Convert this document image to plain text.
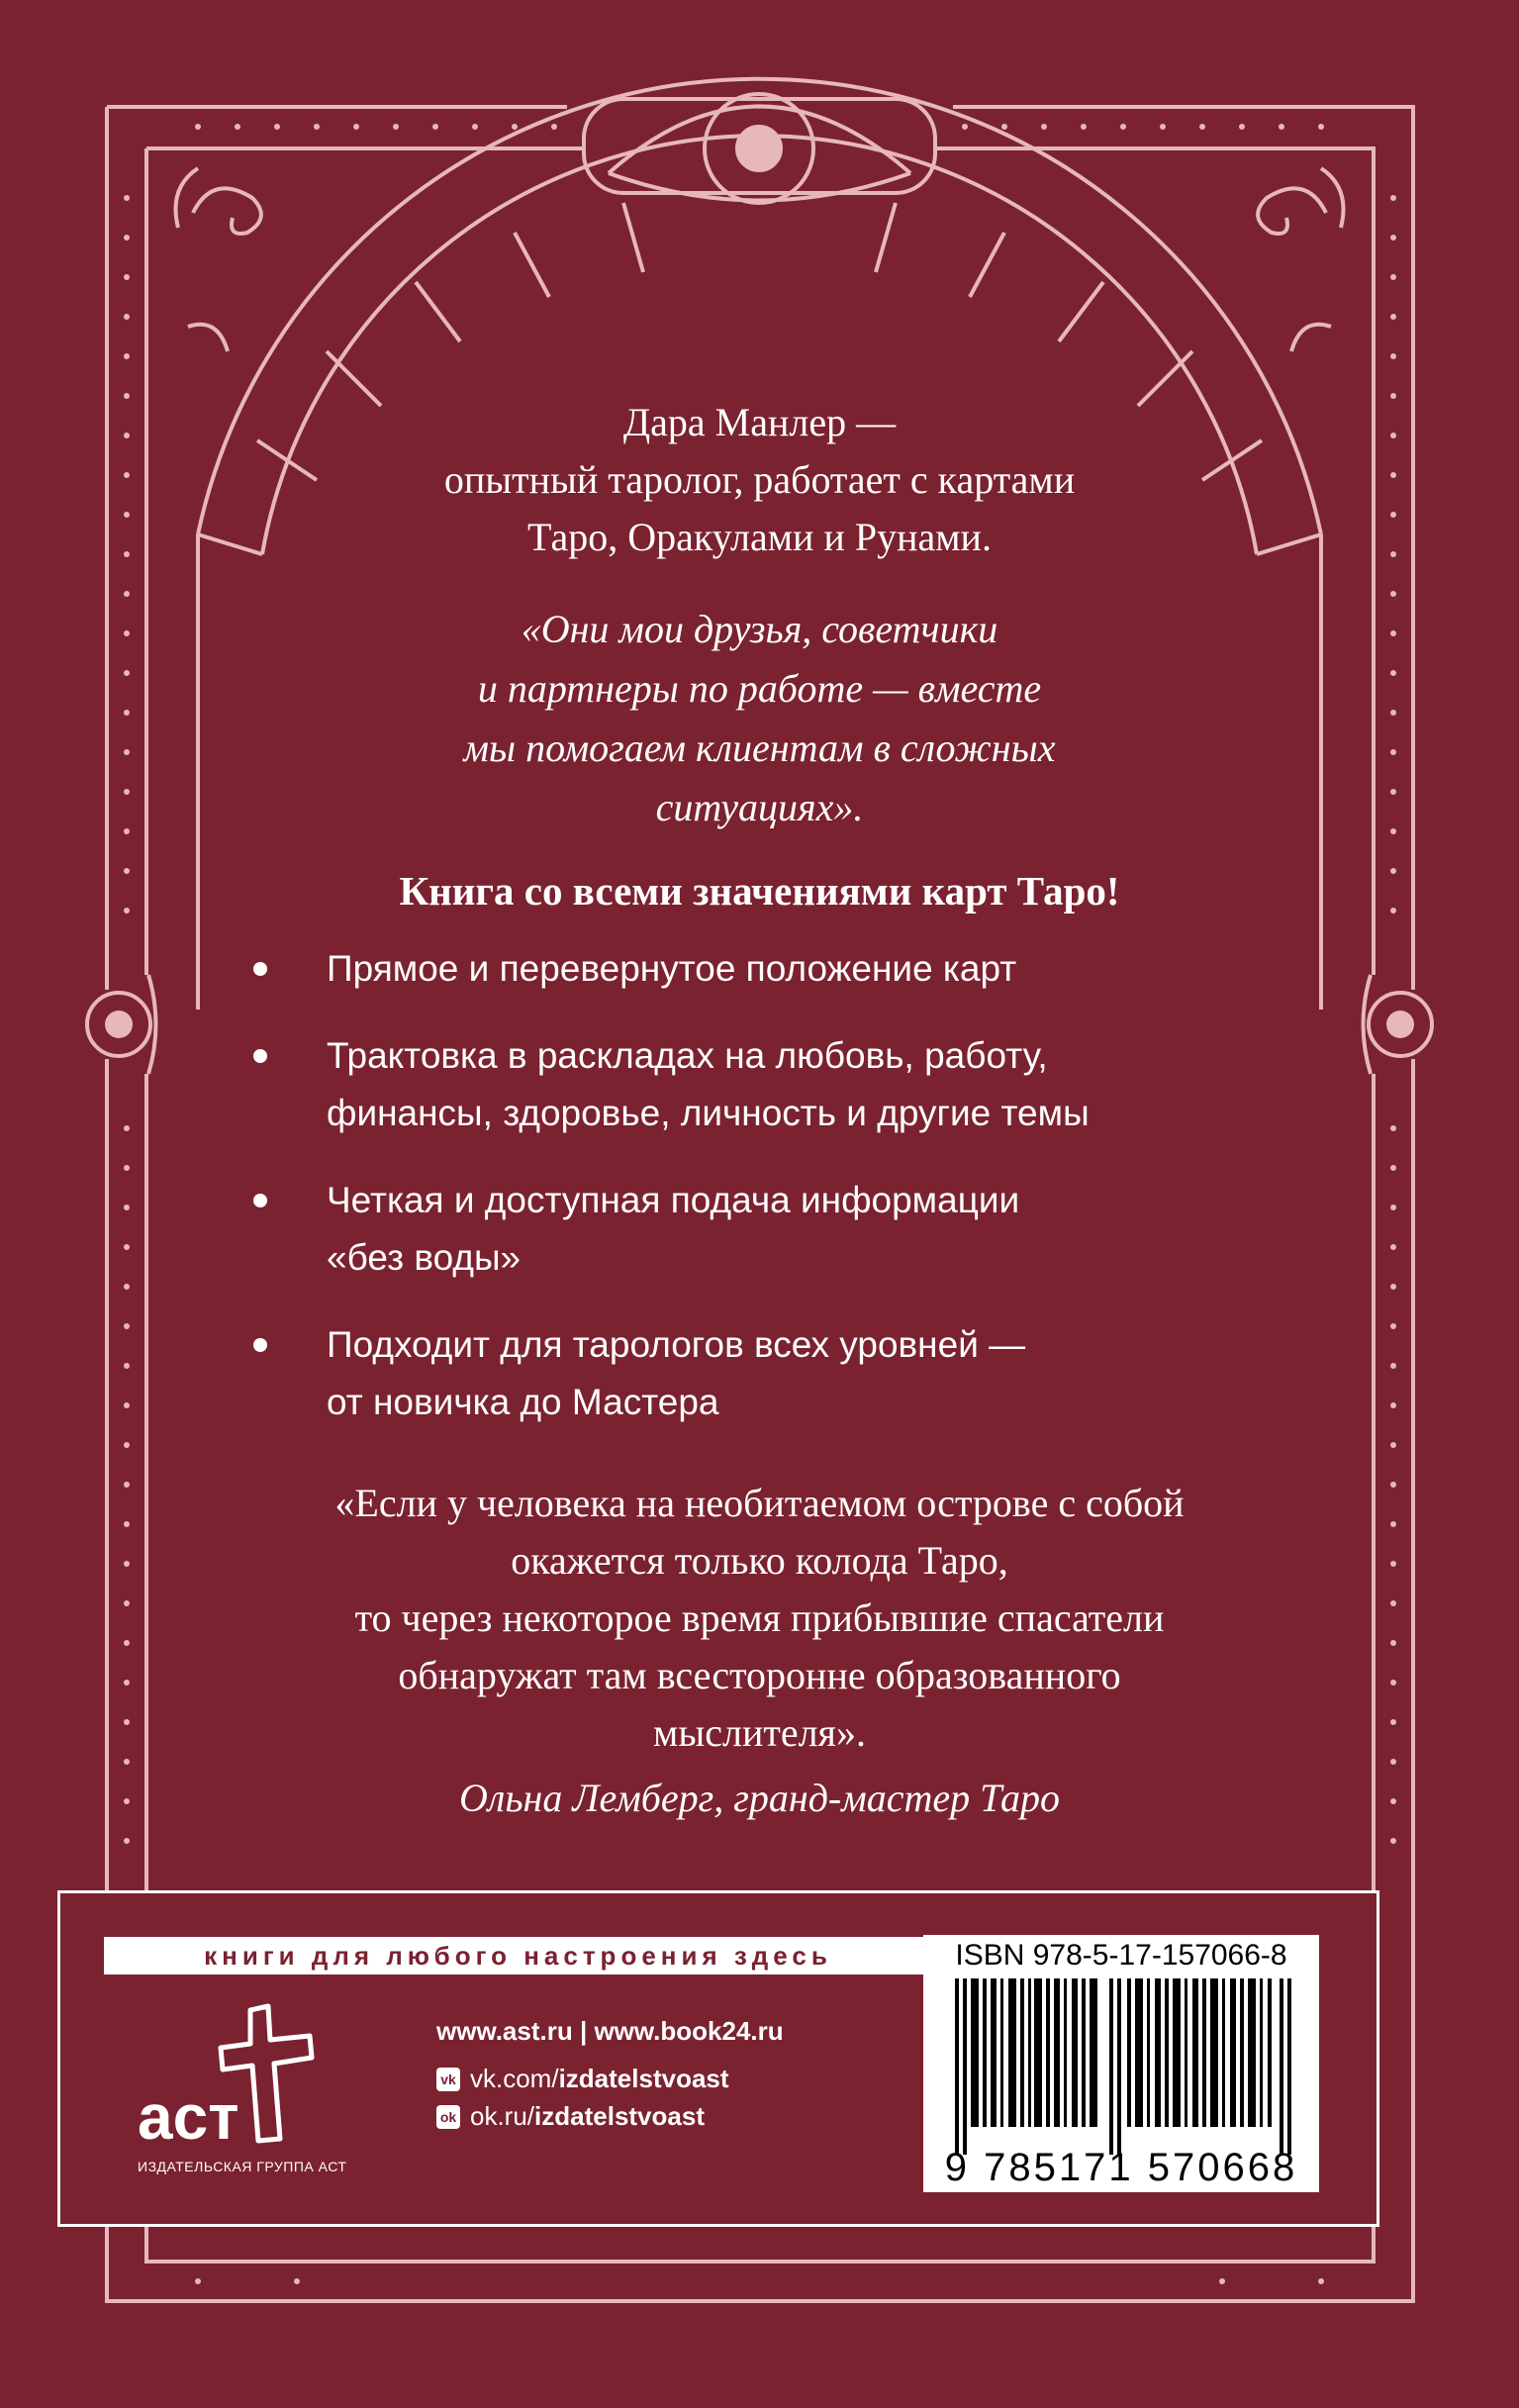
Дара Манлер —
опытный таролог, работает с картами
Таро, Оракулами и Рунами.
«Они мои друзья, советчики
и партнеры по работе — вместе
мы помогаем клиентам в сложных
ситуациях».
Книга со всеми значениями карт Таро!
Прямое и перевернутое положение карт
Трактовка в раскладах на любовь, работу,
финансы, здоровье, личность и другие темы
Четкая и доступная подача информации
«без воды»
Подходит для тарологов всех уровней —
от новичка до Мастера
«Если у человека на необитаемом острове с собой
окажется только колода Таро,
то через некоторое время прибывшие спасатели
обнаружат там всесторонне образованного
мыслителя».
Ольна Лемберг, гранд-мастер Таро
книги для любого настроения здесь
аст
ИЗДАТЕЛЬСКАЯ ГРУППА АСТ
www.ast.ru | www.book24.ru
vk vk.com/ izdatelstvoast
ok ok.ru/ izdatelstvoast
ISBN 978-5-17-157066-8
9 785171 570668
